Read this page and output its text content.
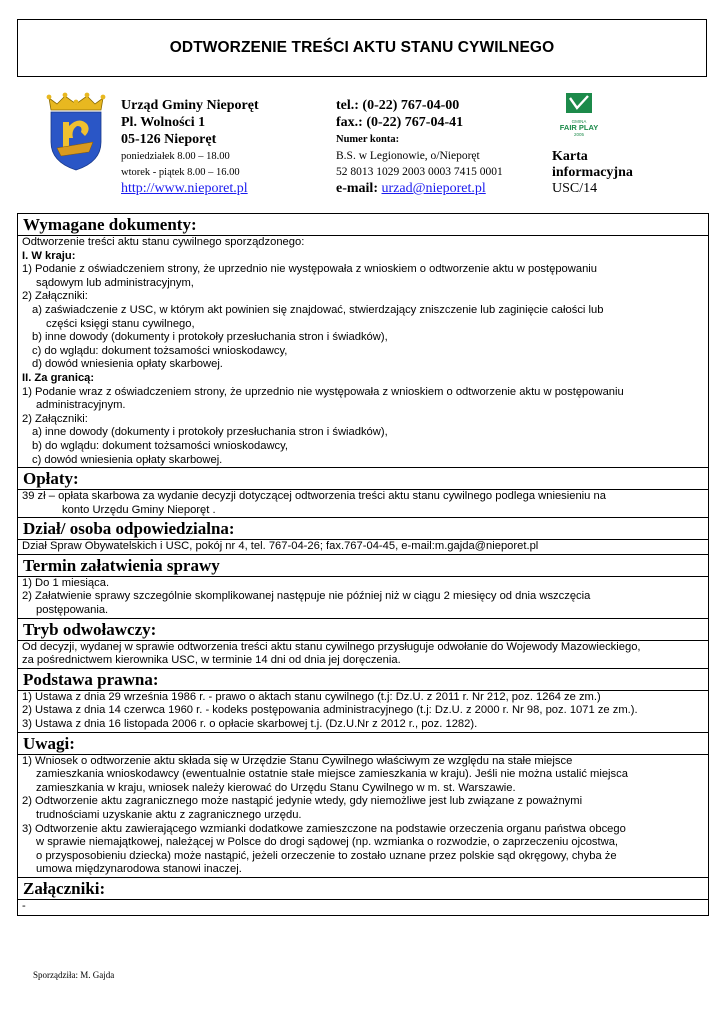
ODTWORZENIE TREŚCI AKTU STANU CYWILNEGO
Urząd Gminy Nieporęt
Pl. Wolności 1
05-126 Nieporęt
poniedziałek 8.00 – 18.00
wtorek - piątek 8.00 – 16.00
http://www.nieporet.pl
tel.: (0-22) 767-04-00
fax.: (0-22) 767-04-41
Numer konta:
B.S. w Legionowie, o/Nieporęt
52 8013 1029 2003 0003 7415 0001
e-mail: urzad@nieporet.pl
GMINA
FAIR PLAY
2005
Karta
informacyjna
USC/14
Wymagane dokumenty:
Odtworzenie treści aktu stanu cywilnego sporządzonego:
I. W kraju:
1) Podanie z oświadczeniem strony, że uprzednio nie występowała z wnioskiem o odtworzenie aktu w postępowaniu
sądowym lub administracyjnym,
2) Załączniki:
a) zaświadczenie z USC, w którym akt powinien się znajdować, stwierdzający zniszczenie lub zaginięcie całości lub
części księgi stanu cywilnego,
b) inne dowody (dokumenty i protokoły przesłuchania stron i świadków),
c) do wglądu: dokument tożsamości wnioskodawcy,
d) dowód wniesienia opłaty skarbowej.
II. Za granicą:
1) Podanie wraz z oświadczeniem strony, że uprzednio nie występowała z wnioskiem o odtworzenie aktu w postępowaniu
administracyjnym.
2) Załączniki:
a) inne dowody (dokumenty i protokoły przesłuchania stron i świadków),
b) do wglądu: dokument tożsamości wnioskodawcy,
c) dowód wniesienia opłaty skarbowej.
Opłaty:
39 zł – opłata skarbowa za wydanie decyzji dotyczącej odtworzenia treści aktu stanu cywilnego podlega wniesieniu na
konto Urzędu Gminy Nieporęt .
Dział/ osoba odpowiedzialna:
Dział Spraw Obywatelskich i USC, pokój nr 4, tel. 767-04-26; fax.767-04-45, e-mail:m.gajda@nieporet.pl
Termin załatwienia sprawy
1) Do 1 miesiąca.
2) Załatwienie sprawy szczególnie skomplikowanej następuje nie później niż w ciągu 2 miesięcy od dnia wszczęcia
postępowania.
Tryb odwoławczy:
Od decyzji, wydanej w sprawie odtworzenia treści aktu stanu cywilnego przysługuje odwołanie do Wojewody Mazowieckiego,
za pośrednictwem kierownika USC, w terminie 14 dni od dnia jej doręczenia.
Podstawa prawna:
1) Ustawa z dnia 29 września 1986 r. - prawo o aktach stanu cywilnego (t.j: Dz.U. z 2011 r. Nr 212, poz. 1264 ze zm.)
2) Ustawa z dnia 14 czerwca 1960 r. - kodeks postępowania administracyjnego (t.j: Dz.U. z 2000 r. Nr 98, poz. 1071 ze zm.).
3) Ustawa z dnia 16 listopada 2006 r. o opłacie skarbowej t.j. (Dz.U.Nr z 2012 r., poz. 1282).
Uwagi:
1) Wniosek o odtworzenie aktu składa się w Urzędzie Stanu Cywilnego właściwym ze względu na stałe miejsce
zamieszkania wnioskodawcy (ewentualnie ostatnie stałe miejsce zamieszkania w kraju). Jeśli nie można ustalić miejsca
zamieszkania w kraju, wniosek należy kierować do Urzędu Stanu Cywilnego w m. st. Warszawie.
2) Odtworzenie aktu zagranicznego może nastąpić jedynie wtedy, gdy niemożliwe jest lub związane z poważnymi
trudnościami uzyskanie aktu z zagranicznego urzędu.
3) Odtworzenie aktu zawierającego wzmianki dodatkowe zamieszczone na podstawie orzeczenia organu państwa obcego
w sprawie niemajątkowej, należącej w Polsce do drogi sądowej (np. wzmianka o rozwodzie, o zaprzeczeniu ojcostwa,
o przysposobieniu dziecka) może nastąpić, jeżeli orzeczenie to zostało uznane przez polskie sąd okręgowy, chyba że
umowa międzynarodowa stanowi inaczej.
Załączniki:
-
Sporządziła: M. Gajda
